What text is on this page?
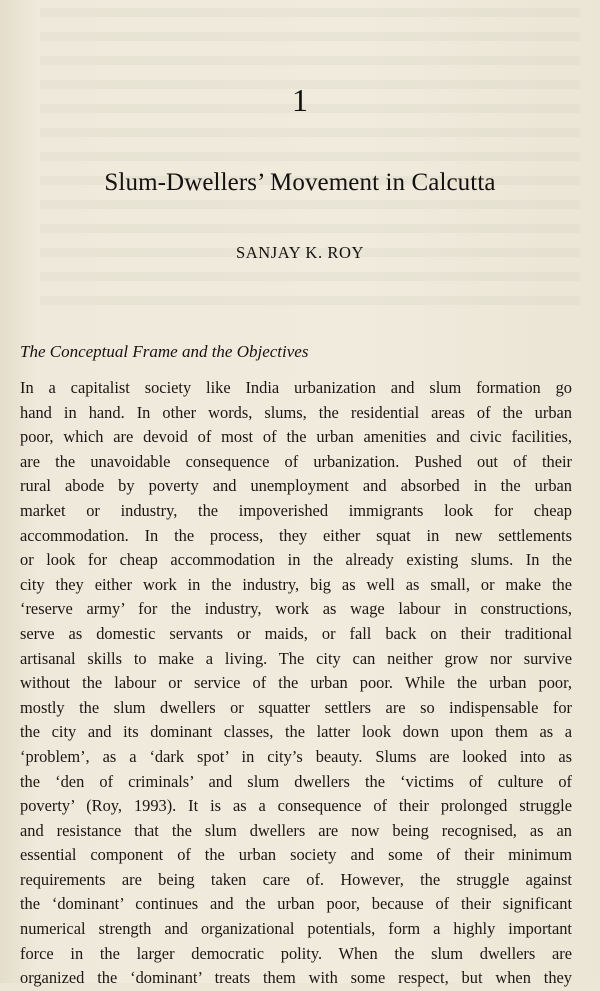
1
Slum-Dwellers’ Movement in Calcutta
SANJAY K. ROY
The Conceptual Frame and the Objectives
In a capitalist society like India urbanization and slum formation go
hand in hand. In other words, slums, the residential areas of the urban
poor, which are devoid of most of the urban amenities and civic facilities,
are the unavoidable consequence of urbanization. Pushed out of their
rural abode by poverty and unemployment and absorbed in the urban
market or industry, the impoverished immigrants look for cheap
accommodation. In the process, they either squat in new settlements
or look for cheap accommodation in the already existing slums. In the
city they either work in the industry, big as well as small, or make the
‘reserve army’ for the industry, work as wage labour in constructions,
serve as domestic servants or maids, or fall back on their traditional
artisanal skills to make a living. The city can neither grow nor survive
without the labour or service of the urban poor. While the urban poor,
mostly the slum dwellers or squatter settlers are so indispensable for
the city and its dominant classes, the latter look down upon them as a
‘problem’, as a ‘dark spot’ in city’s beauty. Slums are looked into as
the ‘den of criminals’ and slum dwellers the ‘victims of culture of
poverty’ (Roy, 1993). It is as a consequence of their prolonged struggle
and resistance that the slum dwellers are now being recognised, as an
essential component of the urban society and some of their minimum
requirements are being taken care of. However, the struggle against
the ‘dominant’ continues and the urban poor, because of their significant
numerical strength and organizational potentials, form a highly important
force in the larger democratic polity. When the slum dwellers are
organized the ‘dominant’ treats them with some respect, but when they
